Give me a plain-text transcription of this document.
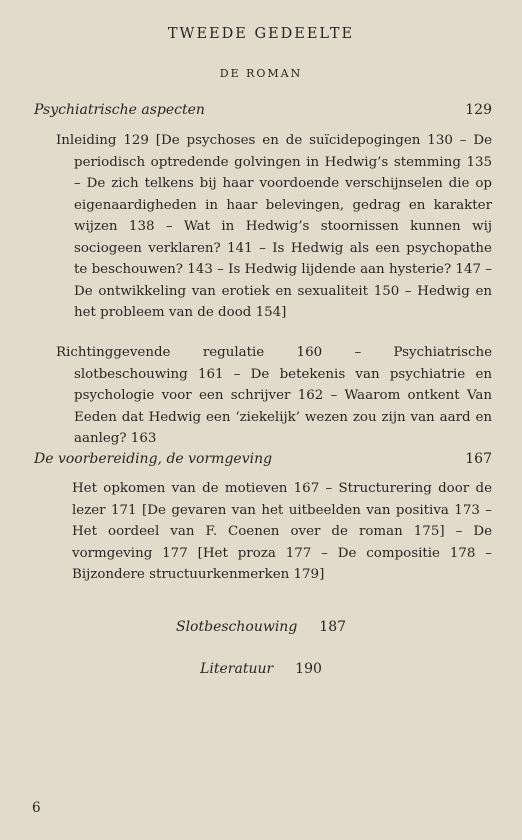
TWEEDE GEDEELTE
DE ROMAN
Psychiatrische aspecten	129
Inleiding 129 [De psychoses en de suïcidepogingen 130 – De periodisch optredende golvingen in Hedwig’s stemming 135 – De zich telkens bij haar voordoende verschijnselen die op eigenaardigheden in haar belevingen, gedrag en karakter wijzen 138 – Wat in Hedwig’s stoornissen kunnen wij sociogeen verklaren? 141 – Is Hedwig als een psychopathe te beschouwen? 143 – Is Hedwig lijdende aan hysterie? 147 – De ontwikkeling van erotiek en sexualiteit 150 – Hedwig en het probleem van de dood 154]
Richtinggevende regulatie 160 – Psychiatrische slotbeschouwing 161 – De betekenis van psychiatrie en psychologie voor een schrijver 162 – Waarom ontkent Van Eeden dat Hedwig een ‘ziekelijk’ wezen zou zijn van aard en aanleg? 163
De voorbereiding, de vormgeving	167
Het opkomen van de motieven 167 – Structurering door de lezer 171 [De gevaren van het uitbeelden van positiva 173 – Het oordeel van F. Coenen over de roman 175] – De vormgeving 177 [Het proza 177 – De compositie 178 – Bijzondere structuurkenmerken 179]
Slotbeschouwing 187
Literatuur 190
6
